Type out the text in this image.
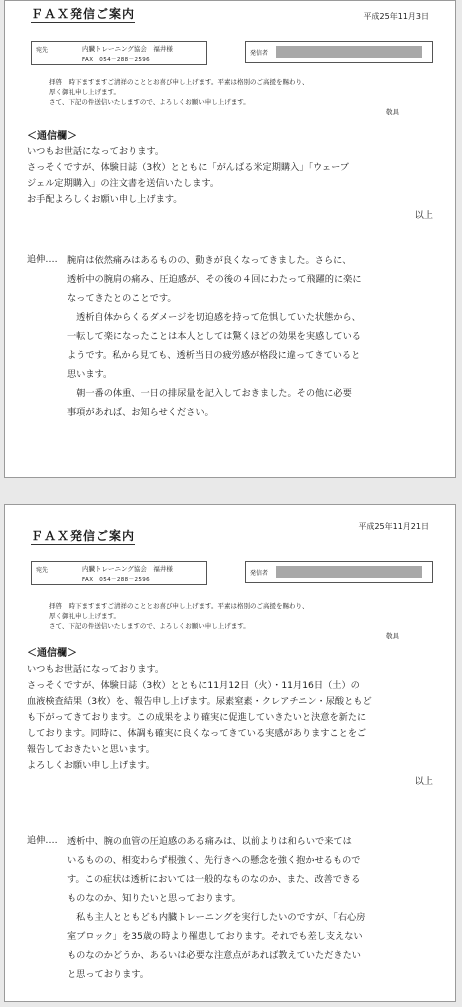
ＦＡＸ発信ご案内	平成25年11月3日
宛先	内臓トレーニング協会　福井様
FAX　054－288－2596
発信者
拝啓　時下ますますご清祥のこととお喜び申し上げます。平素は格別のご高援を賜わり、
厚く御礼申し上げます。
さて、下記の件送信いたしますので、よろしくお願い申し上げます。
敬具
＜通信欄＞
いつもお世話になっております。
さっそくですが、体験日誌（3枚）とともに「がんばる米定期購入」「ウェーブ
ジェル定期購入」の注文書を送信いたします。
お手配よろしくお願い申し上げます。
以上
追伸‥‥ 腕肩は依然痛みはあるものの、動きが良くなってきました。さらに、
透析中の腕肩の痛み、圧迫感が、その後の４回にわたって飛躍的に楽に
なってきたとのことです。
　透析自体からくるダメージを切迫感を持って危惧していた状態から、
一転して楽になったことは本人としては驚くほどの効果を実感している
ようです。私から見ても、透析当日の疲労感が格段に違ってきていると
思います。
　朝一番の体重、一日の排尿量を記入しておきました。その他に必要
事項があれば、お知らせください。
平成25年11月21日
ＦＡＸ発信ご案内
宛先	内臓トレーニング協会　福井様
FAX　054－288－2596
発信者
拝啓　時下ますますご清祥のこととお喜び申し上げます。平素は格別のご高援を賜わり、
厚く御礼申し上げます。
さて、下記の件送信いたしますので、よろしくお願い申し上げます。
敬具
＜通信欄＞
いつもお世話になっております。
さっそくですが、体験日誌（3枚）とともに11月12日（火）・11月16日（土）の
血液検査結果（3枚）を、報告申し上げます。尿素窒素・クレアチニン・尿酸ともど
も下がってきております。この成果をより確実に促進していきたいと決意を新たに
しております。同時に、体調も確実に良くなってきている実感がありますことをご
報告しておきたいと思います。
よろしくお願い申し上げます。
以上
追伸‥‥ 透析中、腕の血管の圧迫感のある痛みは、以前よりは和らいで来ては
いるものの、相変わらず根強く、先行きへの懸念を強く抱かせるもので
す。この症状は透析においては一般的なものなのか、また、改善できる
ものなのか、知りたいと思っております。
　私も主人とともども内臓トレーニングを実行したいのですが、「右心房
室ブロック」を35歳の時より罹患しております。それでも差し支えない
ものなのかどうか、あるいは必要な注意点があれば教えていただきたい
と思っております。
